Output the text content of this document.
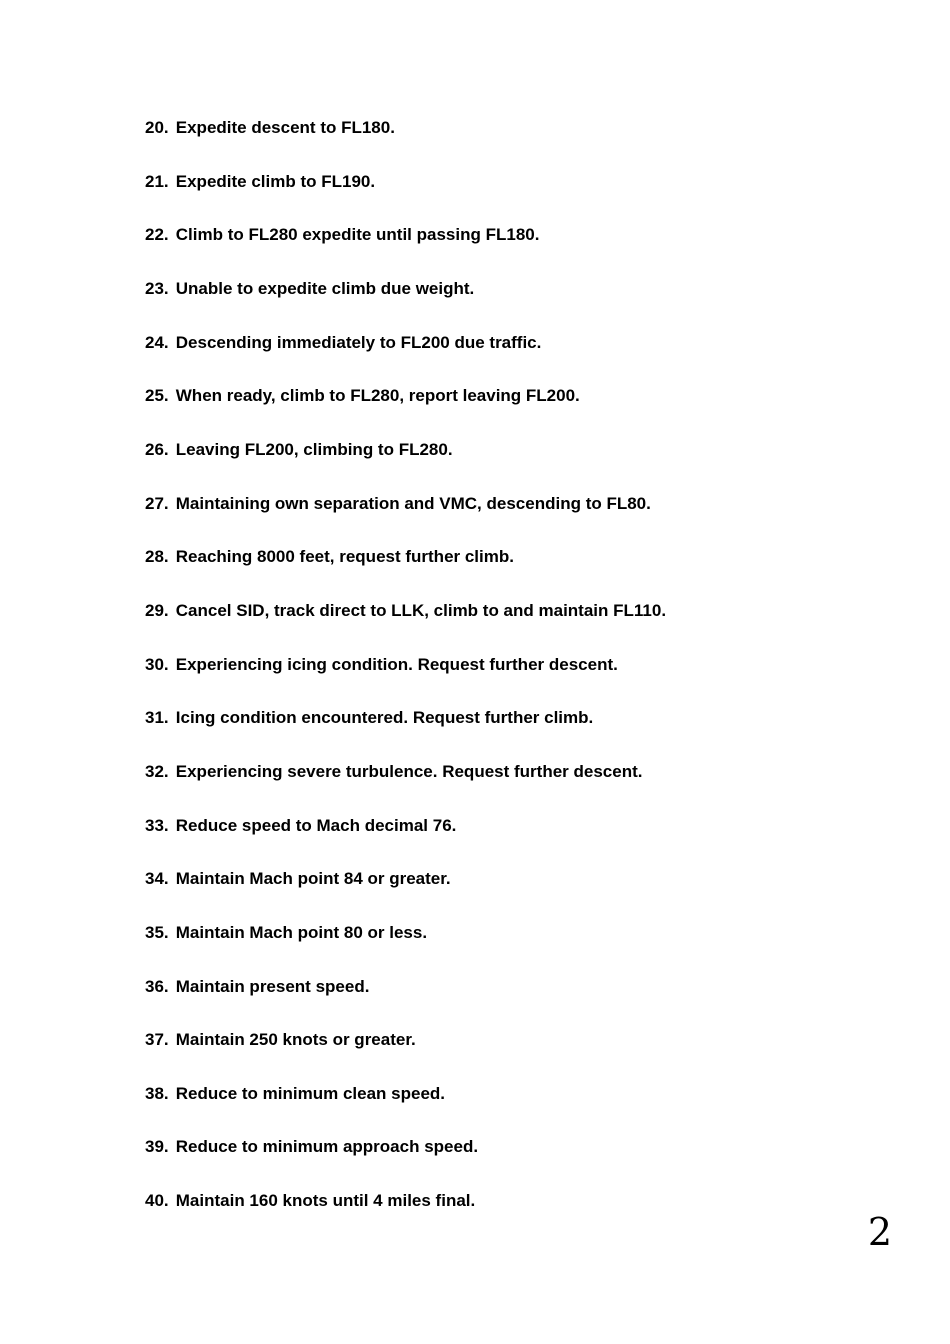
20. Expedite descent to FL180.
21. Expedite climb to FL190.
22. Climb to FL280 expedite until passing FL180.
23. Unable to expedite climb due weight.
24. Descending immediately to FL200 due traffic.
25. When ready, climb to FL280, report leaving FL200.
26. Leaving FL200, climbing to FL280.
27. Maintaining own separation and VMC, descending to FL80.
28. Reaching 8000 feet, request further climb.
29. Cancel SID, track direct to LLK, climb to and maintain FL110.
30. Experiencing icing condition. Request further descent.
31. Icing condition encountered. Request further climb.
32. Experiencing severe turbulence. Request further descent.
33. Reduce speed to Mach decimal 76.
34. Maintain Mach point 84 or greater.
35. Maintain Mach point 80 or less.
36. Maintain present speed.
37. Maintain 250 knots or greater.
38. Reduce to minimum clean speed.
39. Reduce to minimum approach speed.
40. Maintain 160 knots until 4 miles final.
2
